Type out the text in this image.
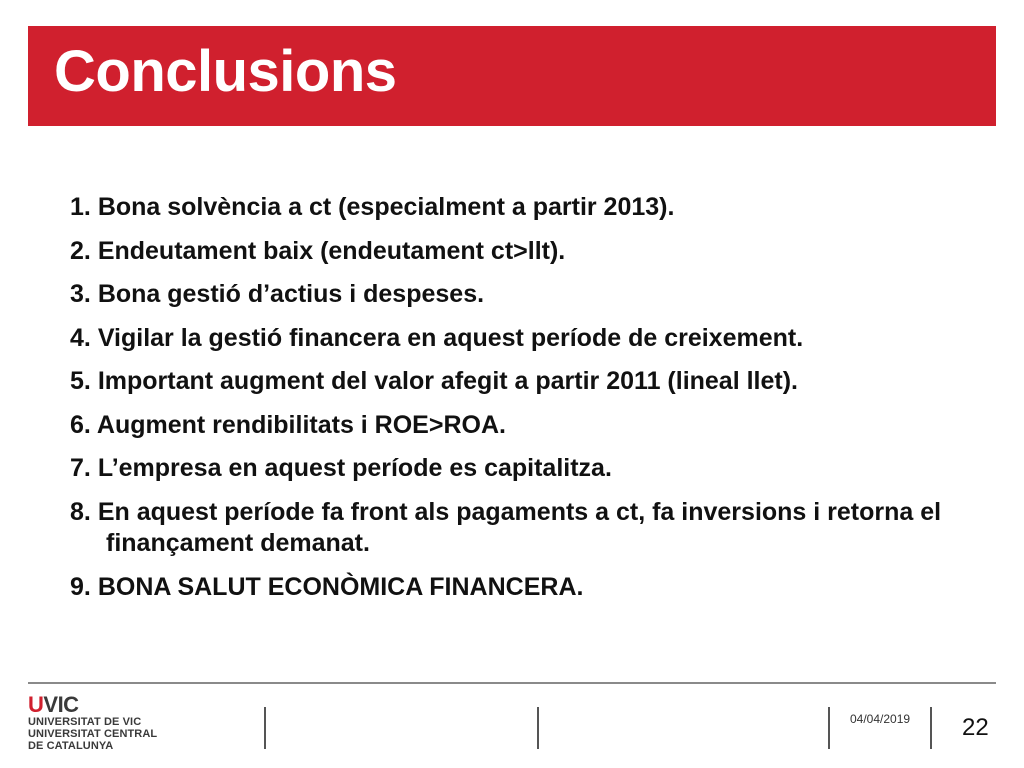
Conclusions
1. Bona solvència a ct (especialment a partir 2013).
2. Endeutament baix (endeutament ct>llt).
3. Bona gestió d’actius i despeses.
4. Vigilar la gestió financera en aquest període de creixement.
5. Important augment del valor afegit a partir 2011 (lineal llet).
6. Augment rendibilitats i ROE>ROA.
7. L’empresa en aquest període es capitalitza.
8. En aquest període fa front als pagaments a ct, fa inversions i retorna el finançament demanat.
9. BONA SALUT ECONÒMICA FINANCERA.
UVIC
UNIVERSITAT DE VIC
UNIVERSITAT CENTRAL
DE CATALUNYA
04/04/2019 22
